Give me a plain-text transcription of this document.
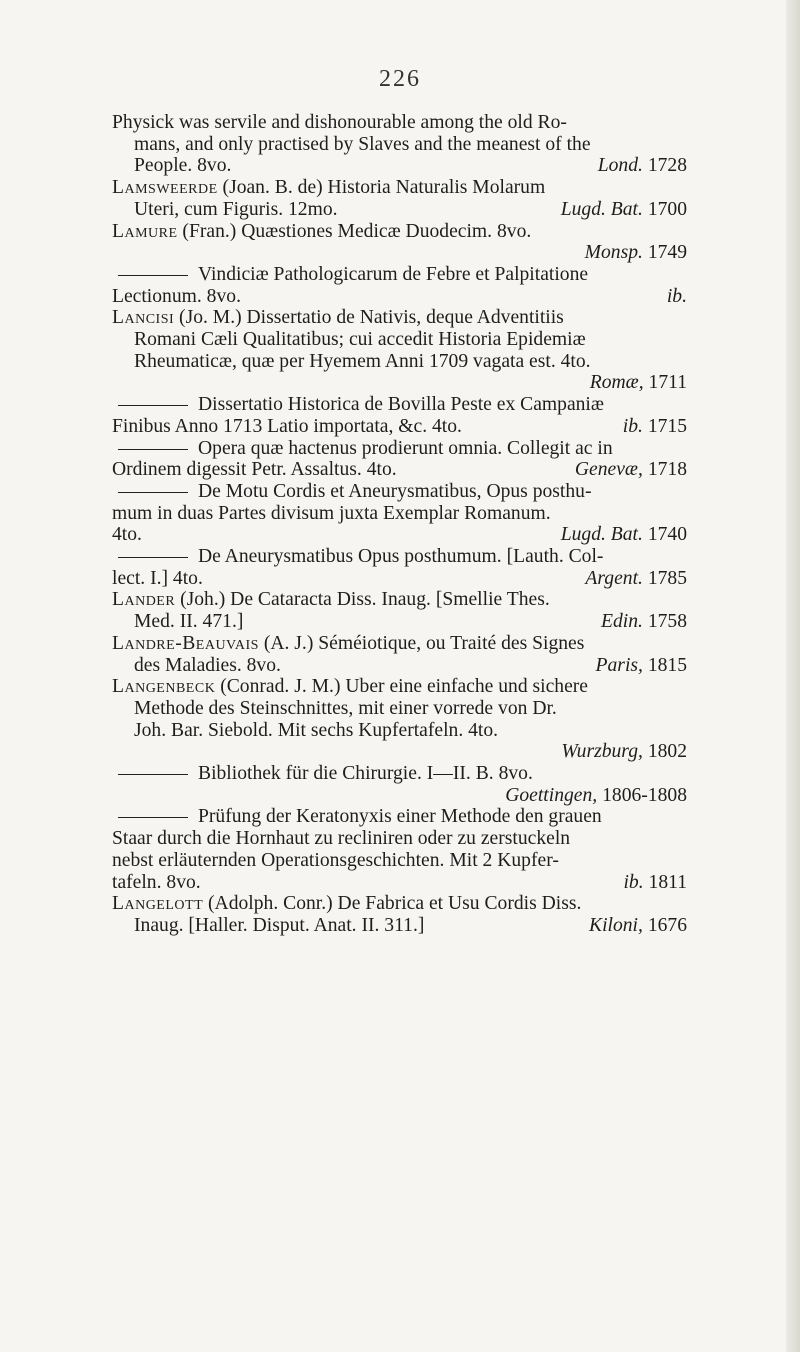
226
Physick was servile and dishonourable among the old Ro-
mans, and only practised by Slaves and the meanest of the
People. 8vo.	Lond. 1728
Lamsweerde (Joan. B. de) Historia Naturalis Molarum
Uteri, cum Figuris. 12mo.	Lugd. Bat. 1700
Lamure (Fran.) Quæstiones Medicæ Duodecim. 8vo.
Monsp. 1749
Vindiciæ Pathologicarum de Febre et Palpitatione
Lectionum. 8vo.	ib.
Lancisi (Jo. M.) Dissertatio de Nativis, deque Adventitiis
Romani Cæli Qualitatibus; cui accedit Historia Epidemiæ
Rheumaticæ, quæ per Hyemem Anni 1709 vagata est. 4to.
Romæ, 1711
Dissertatio Historica de Bovilla Peste ex Campaniæ
Finibus Anno 1713 Latio importata, &c. 4to.	ib. 1715
Opera quæ hactenus prodierunt omnia. Collegit ac in
Ordinem digessit Petr. Assaltus. 4to.	Genevæ, 1718
De Motu Cordis et Aneurysmatibus, Opus posthu-
mum in duas Partes divisum juxta Exemplar Romanum.
4to.	Lugd. Bat. 1740
De Aneurysmatibus Opus posthumum. [Lauth. Col-
lect. I.] 4to.	Argent. 1785
Lander (Joh.) De Cataracta Diss. Inaug. [Smellie Thes.
Med. II. 471.]	Edin. 1758
Landre-Beauvais (A. J.) Séméiotique, ou Traité des Signes
des Maladies. 8vo.	Paris, 1815
Langenbeck (Conrad. J. M.) Uber eine einfache und sichere
Methode des Steinschnittes, mit einer vorrede von Dr.
Joh. Bar. Siebold. Mit sechs Kupfertafeln. 4to.
Wurzburg, 1802
Bibliothek für die Chirurgie. I—II. B. 8vo.
Goettingen, 1806-1808
Prüfung der Keratonyxis einer Methode den grauen
Staar durch die Hornhaut zu recliniren oder zu zerstuckeln
nebst erläuternden Operationsgeschichten. Mit 2 Kupfer-
tafeln. 8vo.	ib. 1811
Langelott (Adolph. Conr.) De Fabrica et Usu Cordis Diss.
Inaug. [Haller. Disput. Anat. II. 311.]	Kiloni, 1676
